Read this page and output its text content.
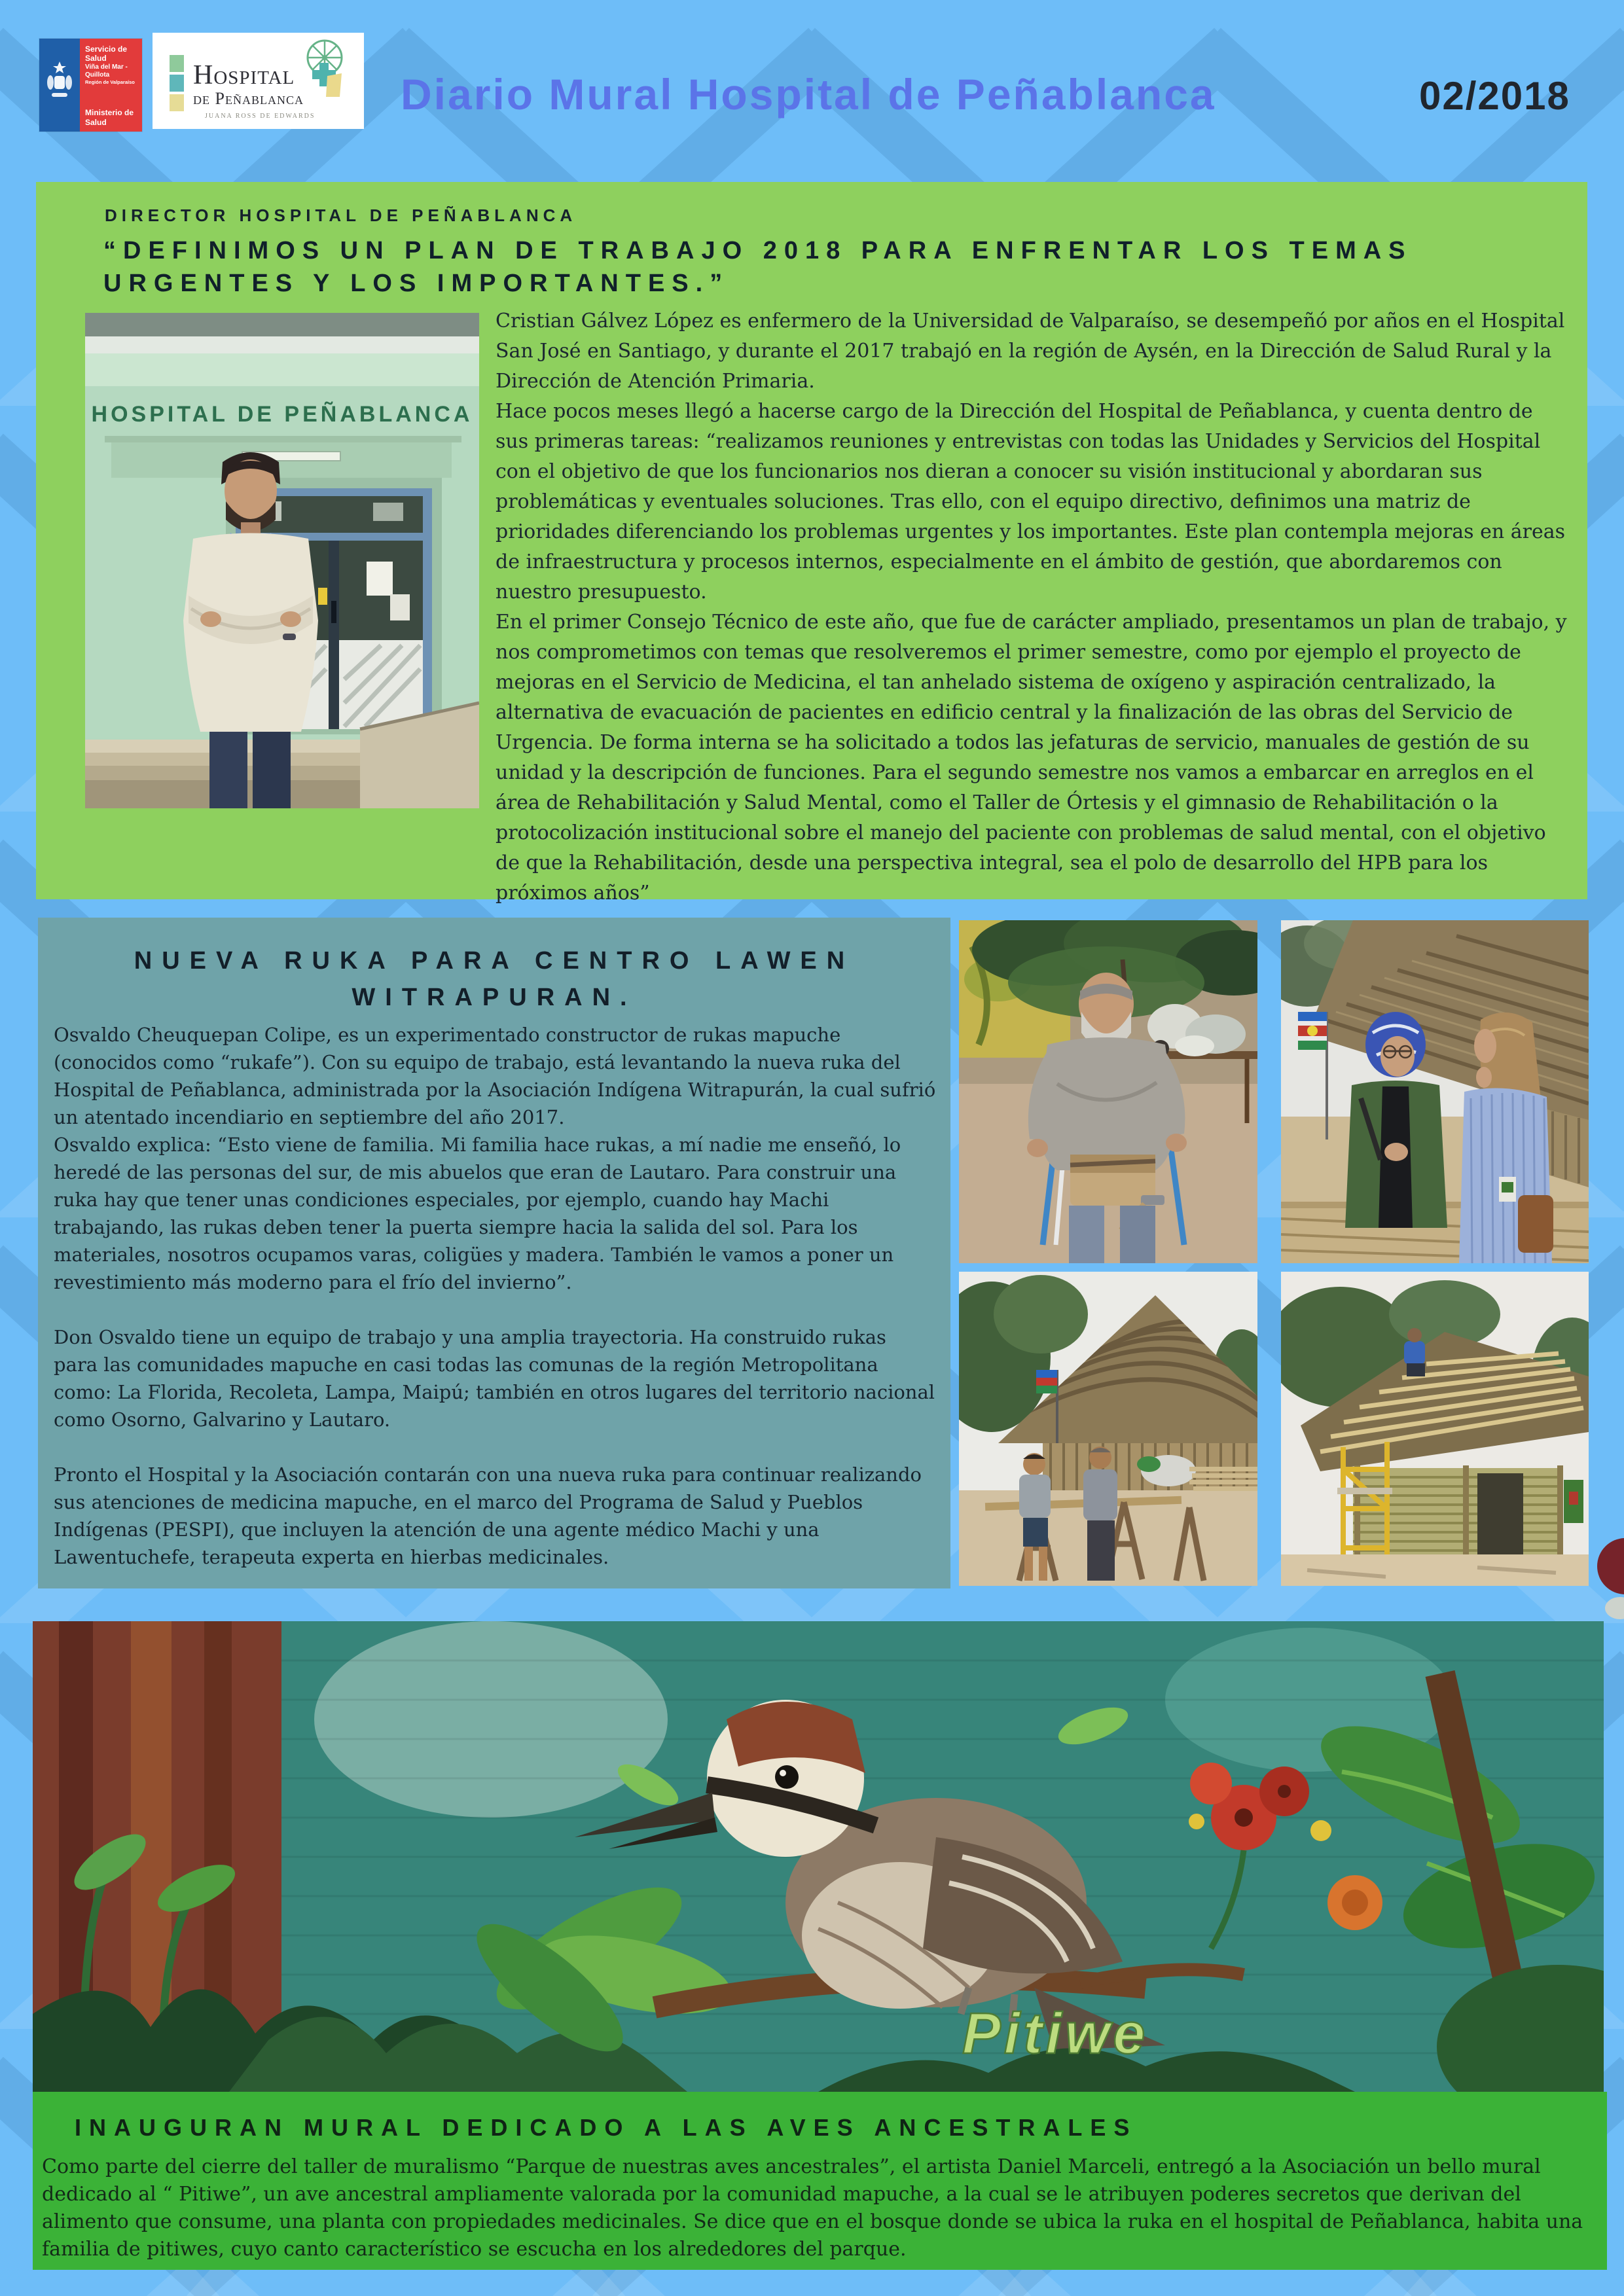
Servicio de Salud
Viña del Mar -
Quillota
Región de Valparaíso
Ministerio de
Salud
Hospital
de Peñablanca
JUANA ROSS DE EDWARDS Diario Mural Hospital de Peñablanca	02/2018
DIRECTOR HOSPITAL DE PEÑABLANCA
“DEFINIMOS UN PLAN DE TRABAJO 2018 PARA ENFRENTAR LOS TEMAS URGENTES Y LOS IMPORTANTES.”
HOSPITAL DE PEÑABLANCA

Cristian Gálvez López es enfermero de la Universidad de Valparaíso, se desempeñó por años en el Hospital San José en Santiago, y durante el 2017 trabajó en la región de Aysén, en la Dirección de Salud Rural y la Dirección de Atención Primaria.

Hace pocos meses llegó a hacerse cargo de la Dirección del Hospital de Peñablanca, y cuenta dentro de sus primeras tareas: “realizamos reuniones y entrevistas con todas las Unidades y Servicios del Hospital con el objetivo de que los funcionarios nos dieran a conocer su visión institucional y abordaran sus problemáticas y eventuales soluciones. Tras ello, con el equipo directivo, definimos una matriz de prioridades diferenciando los problemas urgentes y los importantes. Este plan contempla mejoras en áreas de infraestructura y procesos internos, especialmente en el ámbito de gestión, que abordaremos con nuestro presupuesto.

En el primer Consejo Técnico de este año, que fue de carácter ampliado, presentamos un plan de trabajo, y nos comprometimos con temas que resolveremos el primer semestre, como por ejemplo el proyecto de mejoras en el Servicio de Medicina, el tan anhelado sistema de oxígeno y aspiración centralizado, la alternativa de evacuación de pacientes en edificio central y la finalización de las obras del Servicio de Urgencia. De forma interna se ha solicitado a todos las jefaturas de servicio, manuales de gestión de su unidad y la descripción de funciones. Para el segundo semestre nos vamos a embarcar en arreglos en el área de Rehabilitación y Salud Mental, como el Taller de Órtesis y el gimnasio de Rehabilitación o la protocolización institucional sobre el manejo del paciente con problemas de salud mental, con el objetivo de que la Rehabilitación, desde una perspectiva integral, sea el polo de desarrollo del HPB para los próximos años”

NUEVA RUKA PARA CENTRO LAWEN
WITRAPURAN.

Osvaldo Cheuquepan Colipe, es un experimentado constructor de rukas mapuche (conocidos como “rukafe”). Con su equipo de trabajo, está levantando la nueva ruka del Hospital de Peñablanca, administrada por la Asociación Indígena Witrapurán, la cual sufrió un atentado incendiario en septiembre del año 2017.

Osvaldo explica: “Esto viene de familia. Mi familia hace rukas, a mí nadie me enseñó, lo heredé de las personas del sur, de mis abuelos que eran de Lautaro. Para construir una ruka hay que tener unas condiciones especiales, por ejemplo, cuando hay Machi trabajando, las rukas deben tener la puerta siempre hacia la salida del sol. Para los materiales, nosotros ocupamos varas, coligües y madera. También le vamos a poner un revestimiento más moderno para el frío del invierno”.

Don Osvaldo tiene un equipo de trabajo y una amplia trayectoria. Ha construido rukas para las comunidades mapuche en casi todas las comunas de la región Metropolitana como: La Florida, Recoleta, Lampa, Maipú; también en otros lugares del territorio nacional como Osorno, Galvarino y Lautaro.

Pronto el Hospital y la Asociación contarán con una nueva ruka para continuar realizando sus atenciones de medicina mapuche, en el marco del Programa de Salud y Pueblos Indígenas (PESPI), que incluyen la atención de una agente médico Machi y una Lawentuchefe, terapeuta experta en hierbas medicinales.

Pitiwe
INAUGURAN MURAL DEDICADO A LAS AVES ANCESTRALES

Como parte del cierre del taller de muralismo “Parque de nuestras aves ancestrales”, el artista Daniel Marceli, entregó a la Asociación un bello mural dedicado al “ Pitiwe”, un ave ancestral ampliamente valorada por la comunidad mapuche, a la cual se le atribuyen poderes secretos que derivan del alimento que consume, una planta con propiedades medicinales. Se dice que en el bosque donde se ubica la ruka en el hospital de Peñablanca, habita una familia de pitiwes, cuyo canto característico se escucha en los alrededores del parque.
